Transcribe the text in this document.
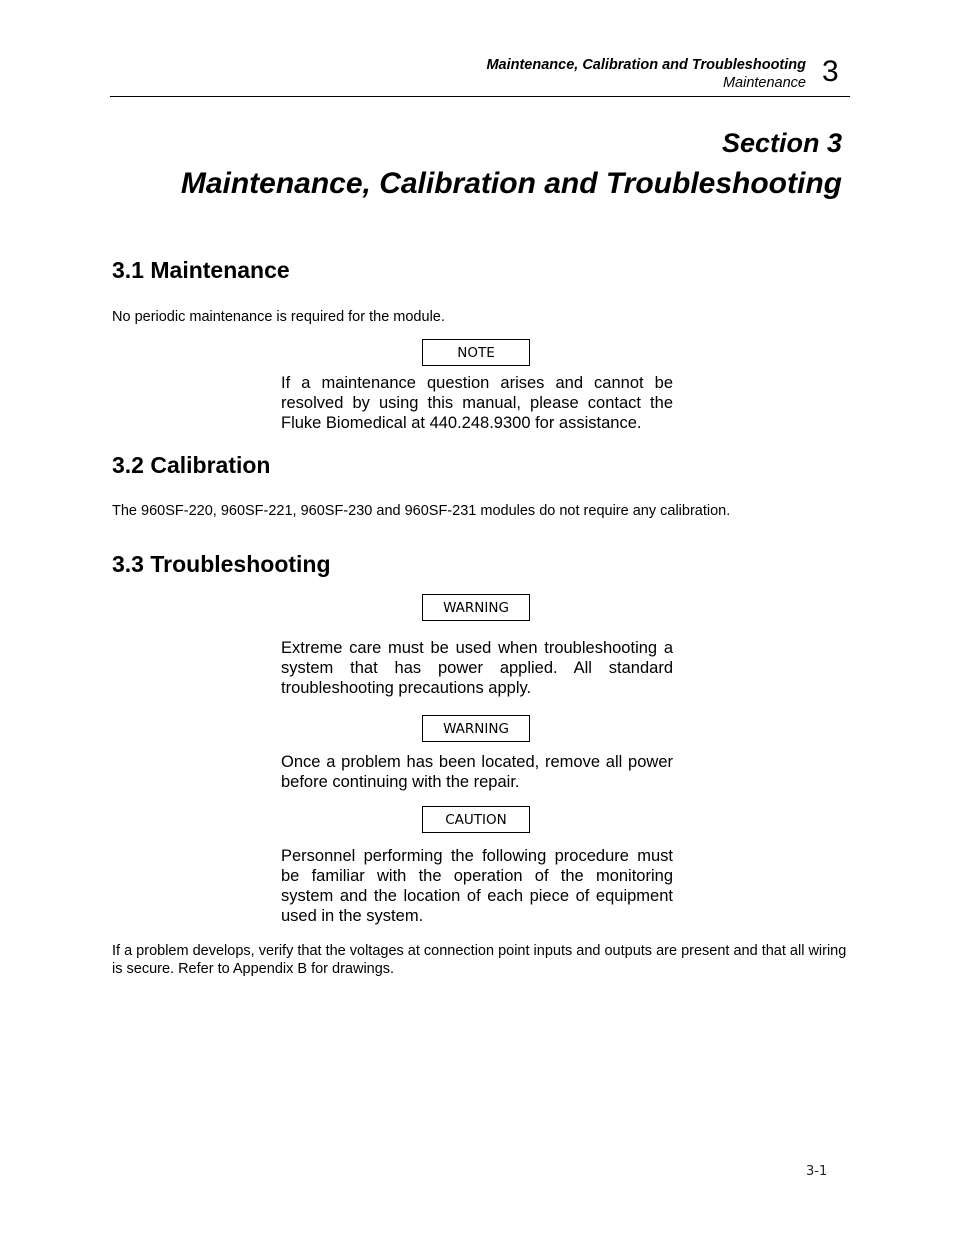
Maintenance, Calibration and Troubleshooting
Maintenance 3
Section 3
Maintenance, Calibration and Troubleshooting
3.1 Maintenance
No periodic maintenance is required for the module.
NOTE
If a maintenance question arises and cannot be resolved by using this manual, please contact the Fluke Biomedical at 440.248.9300 for assistance.
3.2 Calibration
The 960SF-220, 960SF-221, 960SF-230 and 960SF-231 modules do not require any calibration.
3.3 Troubleshooting
WARNING
Extreme care must be used when troubleshooting a system that has power applied. All standard troubleshooting precautions apply.
WARNING
Once a problem has been located, remove all power before continuing with the repair.
CAUTION
Personnel performing the following procedure must be familiar with the operation of the monitoring system and the location of each piece of equipment used in the system.
If a problem develops, verify that the voltages at connection point inputs and outputs are present and that all wiring is secure. Refer to Appendix B for drawings.
3-1
